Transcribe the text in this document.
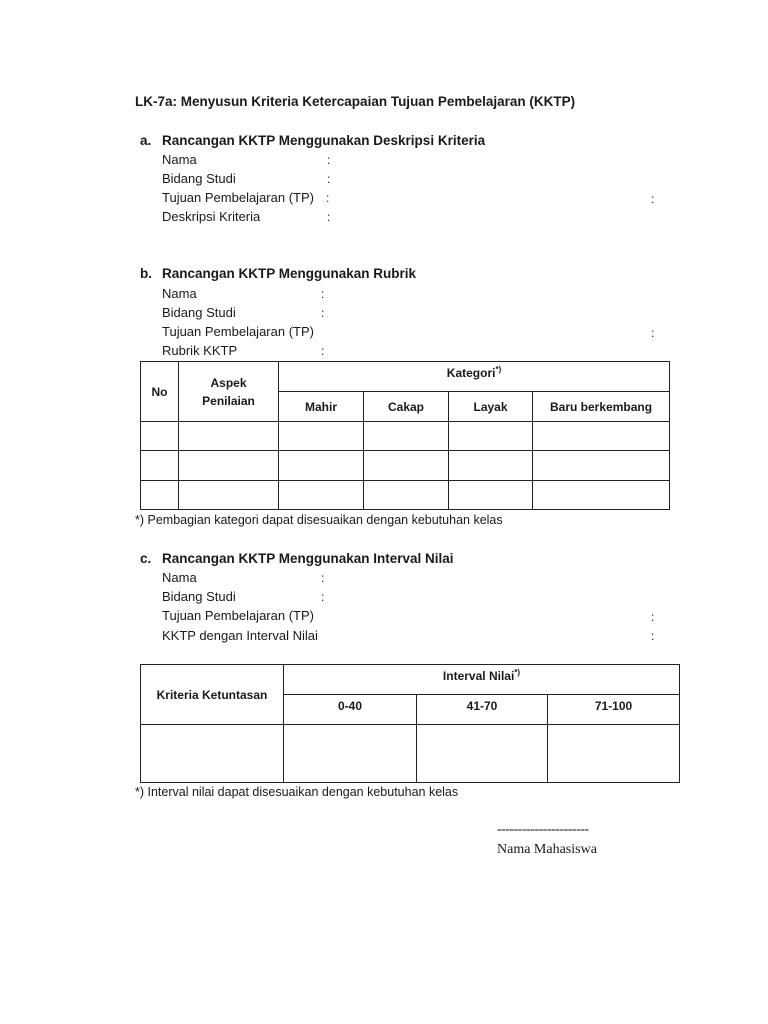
LK-7a: Menyusun Kriteria Ketercapaian Tujuan Pembelajaran (KKTP)
a. Rancangan KKTP Menggunakan Deskripsi Kriteria
Nama	:
Bidang Studi	:
Tujuan Pembelajaran (TP) :	:
Deskripsi Kriteria	:
b. Rancangan KKTP Menggunakan Rubrik
Nama	:
Bidang Studi	:
Tujuan Pembelajaran (TP)	:
Rubrik KKTP	:
No	Aspek Penilaian	Kategori*)
		Mahir	Cakap	Layak	Baru berkembang

*) Pembagian kategori dapat disesuaikan dengan kebutuhan kelas
c. Rancangan KKTP Menggunakan Interval Nilai
Nama	:
Bidang Studi	:
Tujuan Pembelajaran (TP)	:
KKTP dengan Interval Nilai	:
Kriteria Ketuntasan	Interval Nilai*)
	0-40	41-70	71-100

*) Interval nilai dapat disesuaikan dengan kebutuhan kelas
----------------------
Nama Mahasiswa
